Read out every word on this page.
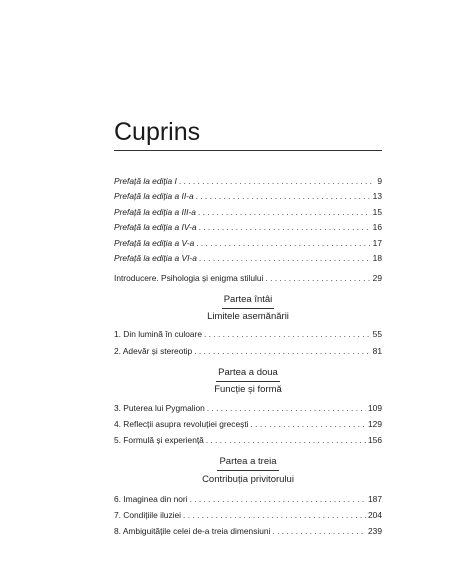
Cuprins
Prefață la ediția I . . .	9
Prefață la ediția a II-a . . .	13
Prefață la ediția a III-a . . .	15
Prefață la ediția a IV-a . . .	16
Prefață la ediția a V-a . . .	17
Prefață la ediția a VI-a . . .	18
Introducere. Psihologia și enigma stilului . . .	29
Partea întâi
Limitele asemănării
1. Din lumină în culoare . . .	55
2. Adevăr și stereotip . . .	81
Partea a doua
Funcție și formă
3. Puterea lui Pygmalion . . .	109
4. Reflecții asupra revoluției grecești . . .	129
5. Formulă și experiență . . .	156
Partea a treia
Contribuția privitorului
6. Imaginea din nori . . .	187
7. Condițiile iluziei . . .	204
8. Ambiguitățile celei de-a treia dimensiuni . . .	239
